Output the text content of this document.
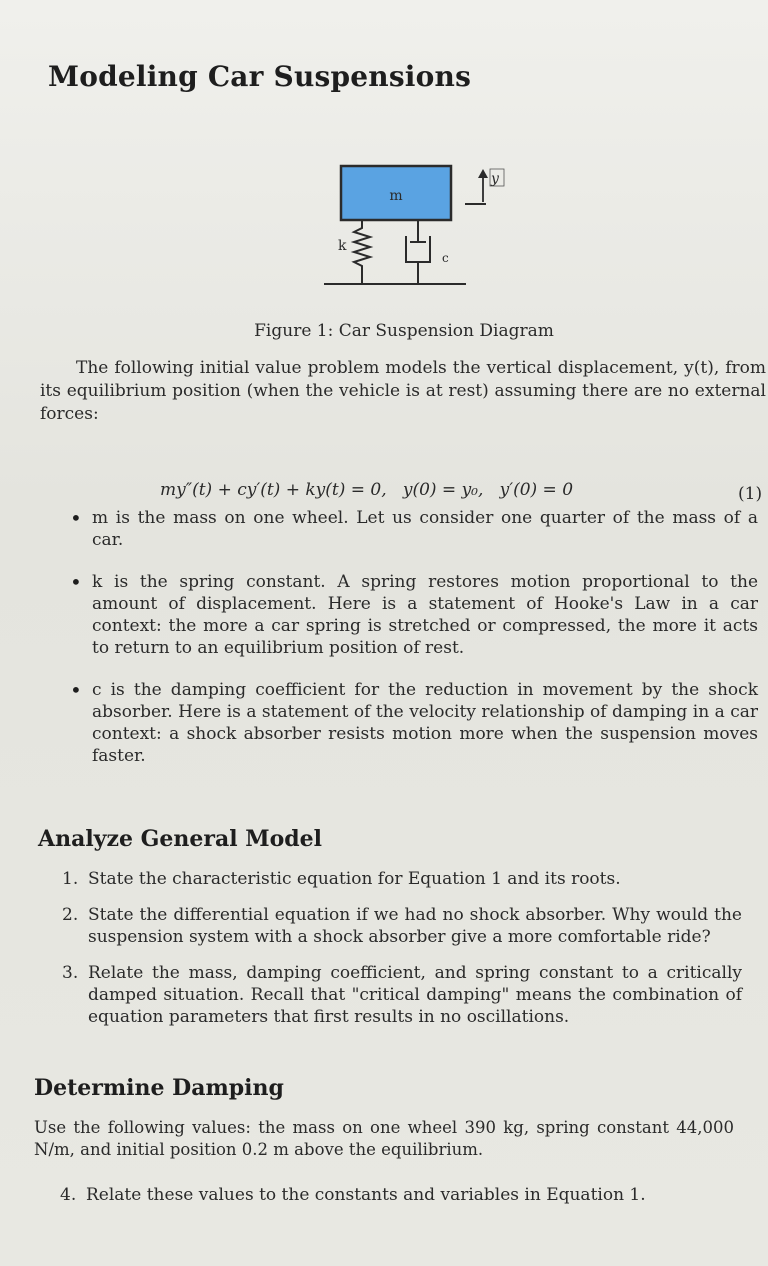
Modeling Car Suspensions
m
k
c
y
Figure 1: Car Suspension Diagram
The following initial value problem models the vertical displacement, y(t), from its equilibrium position (when the vehicle is at rest) assuming there are no external forces:
my″(t) + cy′(t) + ky(t) = 0,   y(0) = y₀,   y′(0) = 0	(1)
• m is the mass on one wheel. Let us consider one quarter of the mass of a car.
• k is the spring constant. A spring restores motion proportional to the amount of displacement. Here is a statement of Hooke's Law in a car context: the more a car spring is stretched or compressed, the more it acts to return to an equilibrium position of rest.
• c is the damping coefficient for the reduction in movement by the shock absorber. Here is a statement of the velocity relationship of damping in a car context: a shock absorber resists motion more when the suspension moves faster.
Analyze General Model
1. State the characteristic equation for Equation 1 and its roots.
2. State the differential equation if we had no shock absorber. Why would the suspension system with a shock absorber give a more comfortable ride?
3. Relate the mass, damping coefficient, and spring constant to a critically damped situation. Recall that "critical damping" means the combination of equation parameters that first results in no oscillations.
Determine Damping
Use the following values: the mass on one wheel 390 kg, spring constant 44,000 N/m, and initial position 0.2 m above the equilibrium.
4. Relate these values to the constants and variables in Equation 1.
